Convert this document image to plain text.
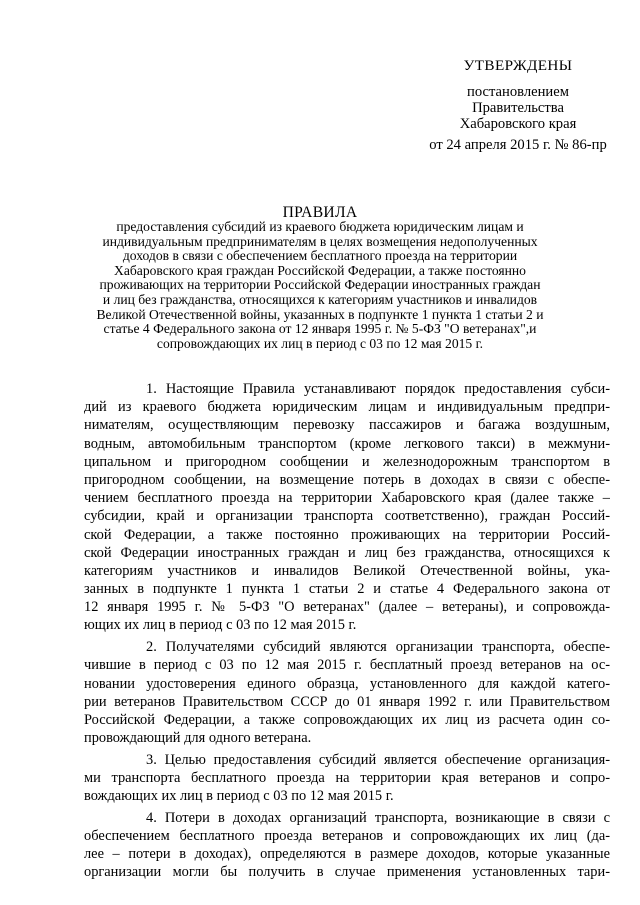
УТВЕРЖДЕНЫ
постановлением
Правительства
Хабаровского края
от 24 апреля 2015 г. № 86-пр
ПРАВИЛА
предоставления субсидий из краевого бюджета юридическим лицам и
индивидуальным предпринимателям в целях возмещения недополученных
доходов в связи с обеспечением бесплатного проезда на территории
Хабаровского края граждан Российской Федерации, а также постоянно
проживающих на территории Российской Федерации иностранных граждан
и лиц без гражданства, относящихся к категориям участников и инвалидов
Великой Отечественной войны, указанных в подпункте 1 пункта 1 статьи 2 и
статье 4 Федерального закона от 12 января 1995 г. № 5-ФЗ "О ветеранах",и
сопровождающих их лиц в период с 03 по 12 мая 2015 г.
1. Настоящие Правила устанавливают порядок предоставления субси-
дий из краевого бюджета юридическим лицам и индивидуальным предпри-
нимателям, осуществляющим перевозку пассажиров и багажа воздушным,
водным, автомобильным транспортом (кроме легкового такси) в межмуни-
ципальном и пригородном сообщении и железнодорожным транспортом в
пригородном сообщении, на возмещение потерь в доходах в связи с обеспе-
чением бесплатного проезда на территории Хабаровского края (далее также –
субсидии, край и организации транспорта соответственно), граждан Россий-
ской Федерации, а также постоянно проживающих на территории Россий-
ской Федерации иностранных граждан и лиц без гражданства, относящихся к
категориям участников и инвалидов Великой Отечественной войны, ука-
занных в подпункте 1 пункта 1 статьи 2 и статье 4 Федерального закона от
12 января 1995 г. № 5-ФЗ "О ветеранах" (далее – ветераны), и сопровожда-
ющих их лиц в период с 03 по 12 мая 2015 г.
2. Получателями субсидий являются организации транспорта, обеспе-
чившие в период с 03 по 12 мая 2015 г. бесплатный проезд ветеранов на ос-
новании удостоверения единого образца, установленного для каждой катего-
рии ветеранов Правительством СССР до 01 января 1992 г. или Правительством
Российской Федерации, а также сопровождающих их лиц из расчета один со-
провождающий для одного ветерана.
3. Целью предоставления субсидий является обеспечение организация-
ми транспорта бесплатного проезда на территории края ветеранов и сопро-
вождающих их лиц в период с 03 по 12 мая 2015 г.
4. Потери в доходах организаций транспорта, возникающие в связи с
обеспечением бесплатного проезда ветеранов и сопровождающих их лиц (да-
лее – потери в доходах), определяются в размере доходов, которые указанные
организации могли бы получить в случае применения установленных тари-
